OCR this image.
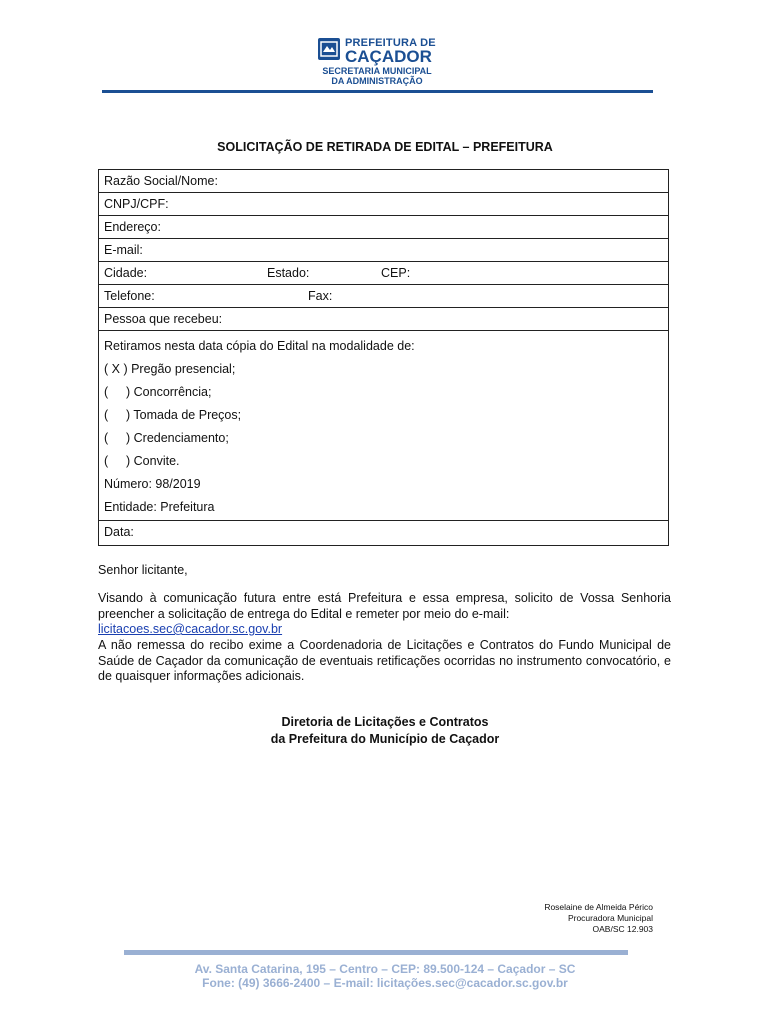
PREFEITURA DE
CAÇADOR
SECRETARIA MUNICIPAL
DA ADMINISTRAÇÃO
SOLICITAÇÃO DE RETIRADA DE EDITAL – PREFEITURA
Razão Social/Nome:
CNPJ/CPF:
Endereço:
E-mail:
Cidade:	Estado:	CEP:
Telefone:	Fax:
Pessoa que recebeu:
Retiramos nesta data cópia do Edital na modalidade de:
( X ) Pregão presencial;
( ) Concorrência;
( ) Tomada de Preços;
( ) Credenciamento;
( ) Convite.
Número: 98/2019
Entidade: Prefeitura
Data:
Senhor licitante,
Visando à comunicação futura entre está Prefeitura e essa empresa, solicito de Vossa Senhoria preencher a solicitação de entrega do Edital e remeter por meio do e-mail:
licitacoes.sec@cacador.sc.gov.br
A não remessa do recibo exime a Coordenadoria de Licitações e Contratos do Fundo Municipal de Saúde de Caçador da comunicação de eventuais retificações ocorridas no instrumento convocatório, e de quaisquer informações adicionais.
Diretoria de Licitações e Contratos
da Prefeitura do Município de Caçador
Roselaine de Almeida Périco
Procuradora Municipal
OAB/SC 12.903
Av. Santa Catarina, 195 – Centro – CEP: 89.500-124 – Caçador – SC
Fone: (49) 3666-2400 – E-mail: licitações.sec@cacador.sc.gov.br
